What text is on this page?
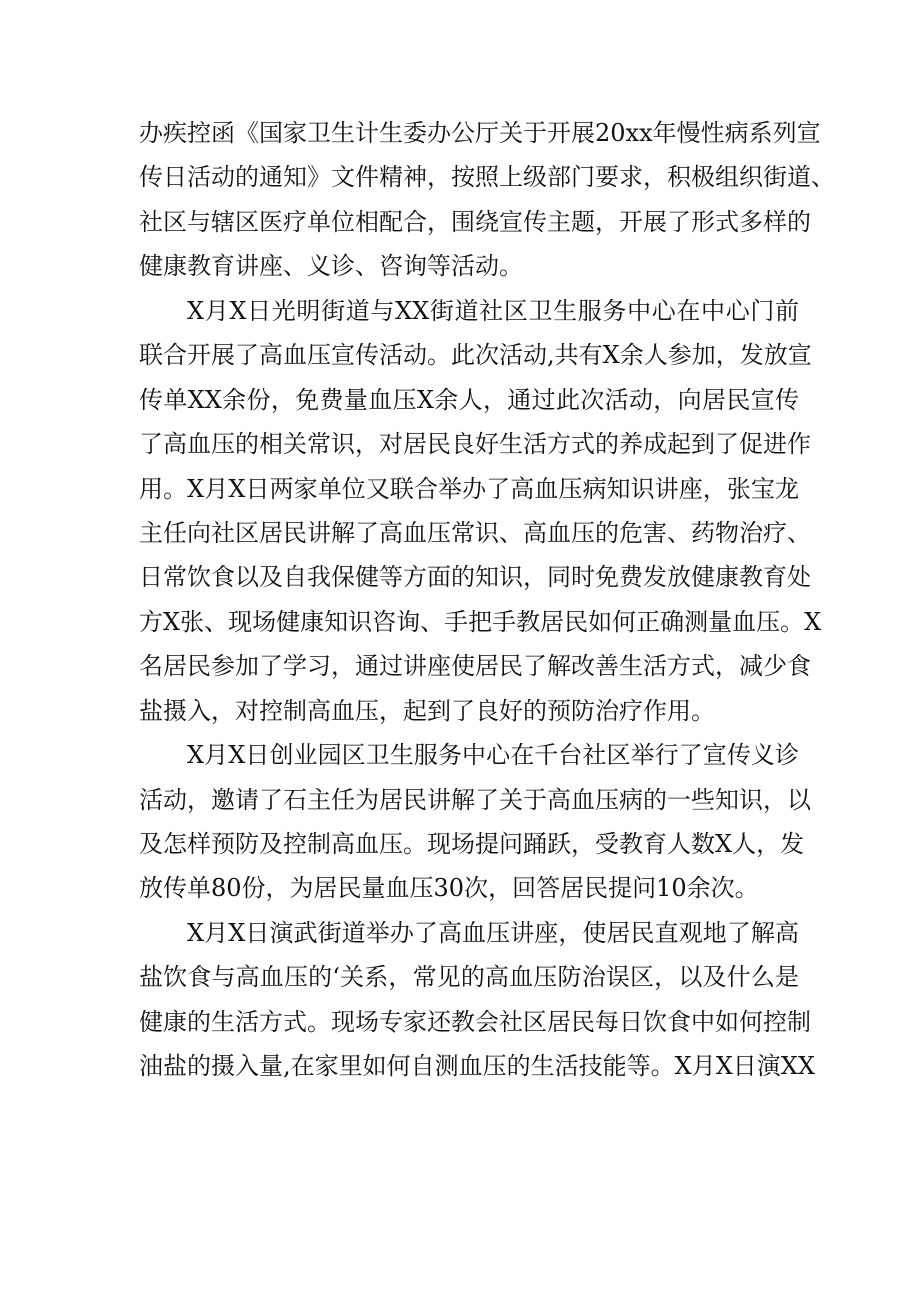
办疾控函《国家卫生计生委办公厅关于开展20xx年慢性病系列宣
传日活动的通知》文件精神，按照上级部门要求，积极组织街道、
社区与辖区医疗单位相配合，围绕宣传主题，开展了形式多样的
健康教育讲座、义诊、咨询等活动。
X月X日光明街道与XX街道社区卫生服务中心在中心门前
联合开展了高血压宣传活动。此次活动,共有X余人参加，发放宣
传单XX余份，免费量血压X余人，通过此次活动，向居民宣传
了高血压的相关常识，对居民良好生活方式的养成起到了促进作
用。X月X日两家单位又联合举办了高血压病知识讲座，张宝龙
主任向社区居民讲解了高血压常识、高血压的危害、药物治疗、
日常饮食以及自我保健等方面的知识，同时免费发放健康教育处
方X张、现场健康知识咨询、手把手教居民如何正确测量血压。X
名居民参加了学习，通过讲座使居民了解改善生活方式，减少食
盐摄入，对控制高血压，起到了良好的预防治疗作用。
X月X日创业园区卫生服务中心在千台社区举行了宣传义诊
活动，邀请了石主任为居民讲解了关于高血压病的一些知识，以
及怎样预防及控制高血压。现场提问踊跃，受教育人数X人，发
放传单80份，为居民量血压30次，回答居民提问10余次。
X月X日演武街道举办了高血压讲座，使居民直观地了解高
盐饮食与高血压的‘关系，常见的高血压防治误区，以及什么是
健康的生活方式。现场专家还教会社区居民每日饮食中如何控制
油盐的摄入量,在家里如何自测血压的生活技能等。X月X日演XX
